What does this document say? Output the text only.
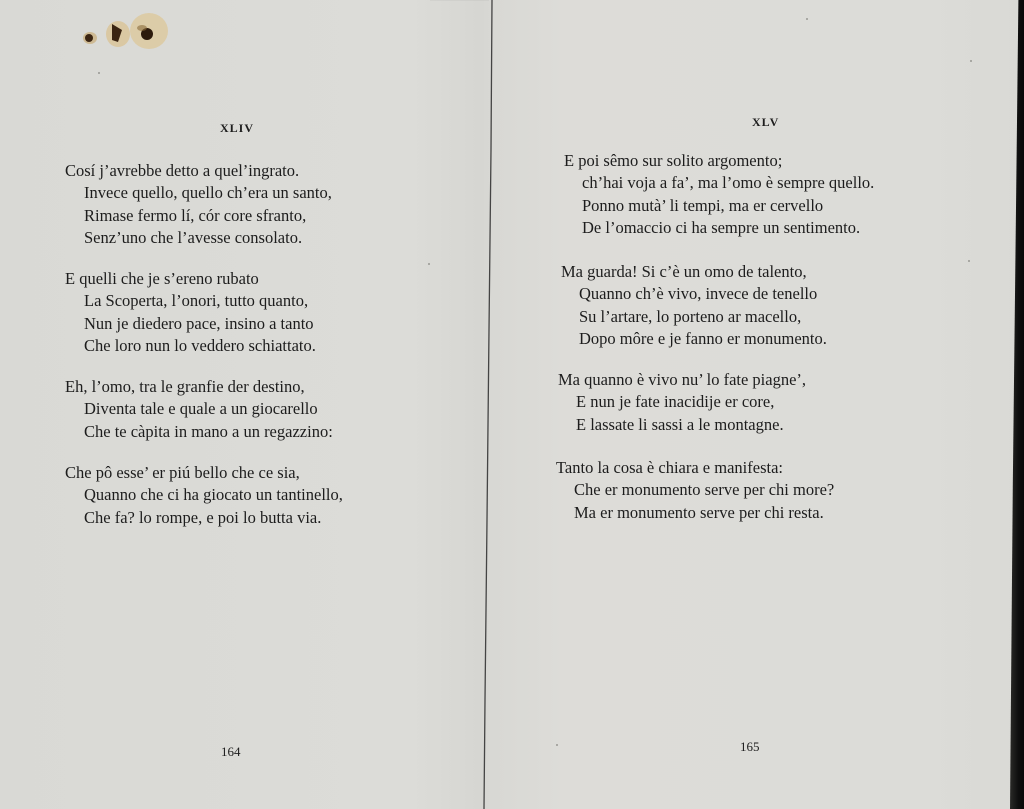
XLIV
Cosí j’avrebbe detto a quel’ingrato.
Invece quello, quello ch’era un santo,
Rimase fermo lí, cór core sfranto,
Senz’uno che l’avesse consolato.
E quelli che je s’ereno rubato
La Scoperta, l’onori, tutto quanto,
Nun je diedero pace, insino a tanto
Che loro nun lo veddero schiattato.
Eh, l’omo, tra le granfie der destino,
Diventa tale e quale a un giocarello
Che te càpita in mano a un regazzino:
Che pô esse’ er piú bello che ce sia,
Quanno che ci ha giocato un tantinello,
Che fa? lo rompe, e poi lo butta via.
164
XLV
E poi sêmo sur solito argomento;
ch’hai voja a fa’, ma l’omo è sempre quello.
Ponno mutà’ li tempi, ma er cervello
De l’omaccio ci ha sempre un sentimento.
Ma guarda! Si c’è un omo de talento,
Quanno ch’è vivo, invece de tenello
Su l’artare, lo porteno ar macello,
Dopo môre e je fanno er monumento.
Ma quanno è vivo nu’ lo fate piagne’,
E nun je fate inacidije er core,
E lassate li sassi a le montagne.
Tanto la cosa è chiara e manifesta:
Che er monumento serve per chi more?
Ma er monumento serve per chi resta.
165
